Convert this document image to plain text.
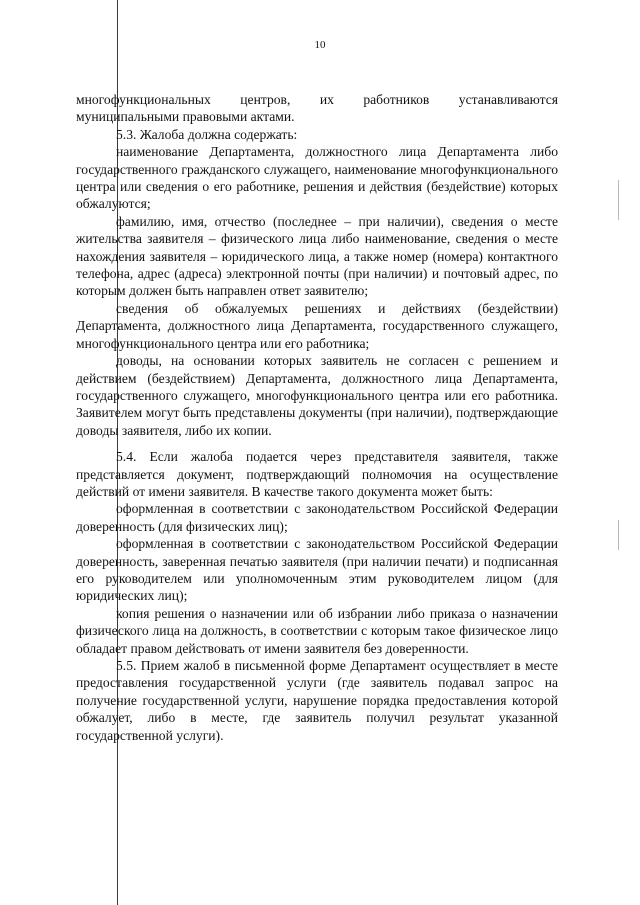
10

многофункциональных центров, их работников устанавливаются муниципальными правовыми актами.

5.3. Жалоба должна содержать:

наименование Департамента, должностного лица Департамента либо государственного гражданского служащего, наименование многофункционального центра или сведения о его работнике, решения и действия (бездействие) которых обжалуются;

фамилию, имя, отчество (последнее – при наличии), сведения о месте жительства заявителя – физического лица либо наименование, сведения о месте нахождения заявителя – юридического лица, а также номер (номера) контактного телефона, адрес (адреса) электронной почты (при наличии) и почтовый адрес, по которым должен быть направлен ответ заявителю;

сведения об обжалуемых решениях и действиях (бездействии) Департамента, должностного лица Департамента, государственного служащего, многофункционального центра или его работника;

доводы, на основании которых заявитель не согласен с решением и действием (бездействием) Департамента, должностного лица Департамента, государственного служащего, многофункционального центра или его работника. Заявителем могут быть представлены документы (при наличии), подтверждающие доводы заявителя, либо их копии.

5.4. Если жалоба подается через представителя заявителя, также представляется документ, подтверждающий полномочия на осуществление действий от имени заявителя. В качестве такого документа может быть:

оформленная в соответствии с законодательством Российской Федерации доверенность (для физических лиц);

оформленная в соответствии с законодательством Российской Федерации доверенность, заверенная печатью заявителя (при наличии печати) и подписанная его руководителем или уполномоченным этим руководителем лицом (для юридических лиц);

копия решения о назначении или об избрании либо приказа о назначении физического лица на должность, в соответствии с которым такое физическое лицо обладает правом действовать от имени заявителя без доверенности.

5.5. Прием жалоб в письменной форме Департамент осуществляет в месте предоставления государственной услуги (где заявитель подавал запрос на получение государственной услуги, нарушение порядка предоставления которой обжалует, либо в месте, где заявитель получил результат указанной государственной услуги).
